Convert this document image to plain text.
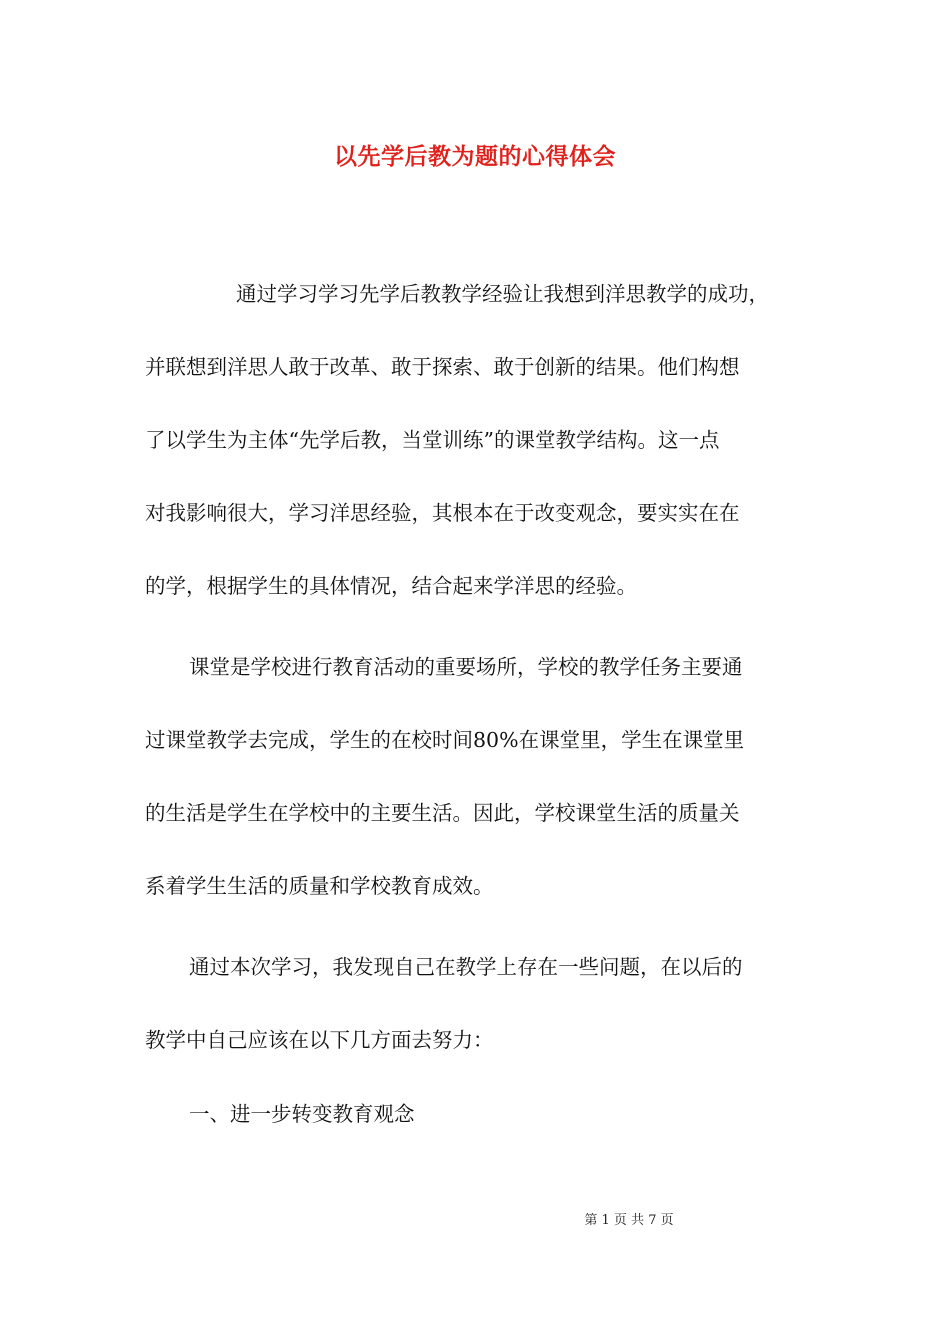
以先学后教为题的心得体会
通过学习学习先学后教教学经验让我想到洋思教学的成功，
并联想到洋思人敢于改革、敢于探索、敢于创新的结果。他们构想
了以学生为主体“先学后教，当堂训练”的课堂教学结构。这一点
对我影响很大，学习洋思经验，其根本在于改变观念，要实实在在
的学，根据学生的具体情况，结合起来学洋思的经验。
课堂是学校进行教育活动的重要场所，学校的教学任务主要通
过课堂教学去完成，学生的在校时间80%在课堂里，学生在课堂里
的生活是学生在学校中的主要生活。因此，学校课堂生活的质量关
系着学生生活的质量和学校教育成效。
通过本次学习，我发现自己在教学上存在一些问题，在以后的
教学中自己应该在以下几方面去努力：
一、进一步转变教育观念
第 1 页 共 7 页
